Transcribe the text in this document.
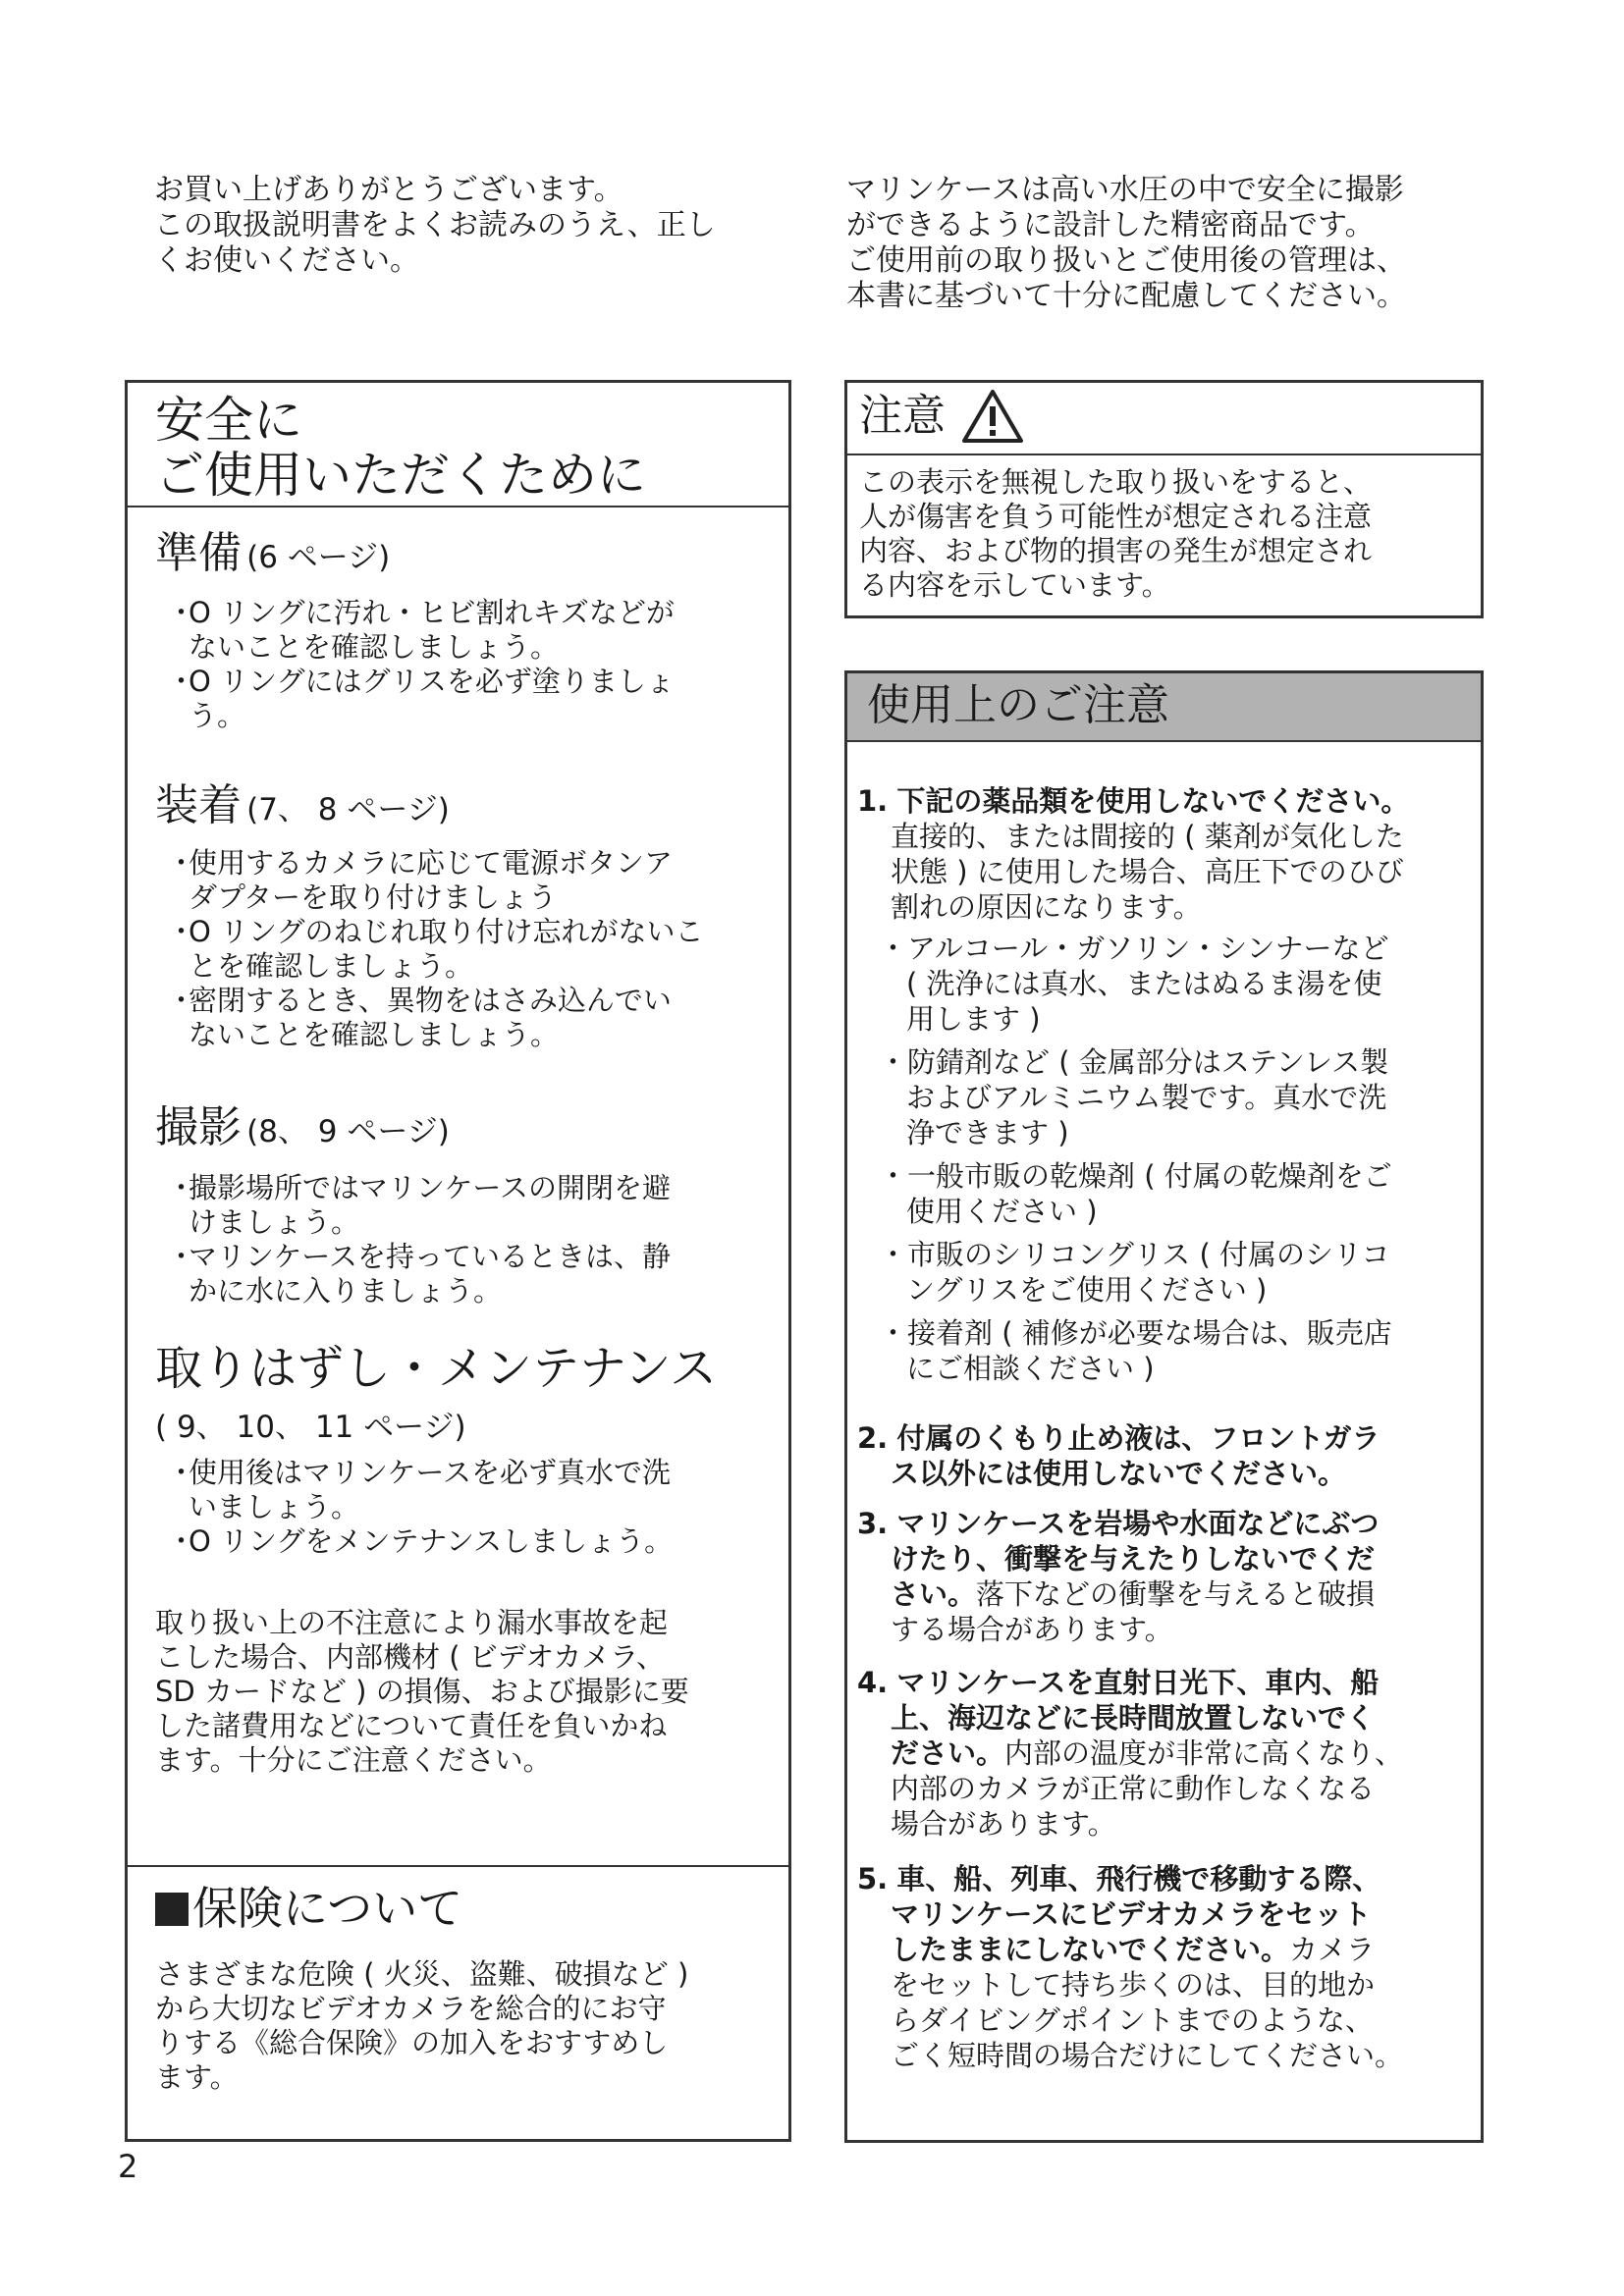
お買い上げありがとうございます。
この取扱説明書をよくお読みのうえ、正し
くお使いください。
マリンケースは高い水圧の中で安全に撮影
ができるように設計した精密商品です。
ご使用前の取り扱いとご使用後の管理は、
本書に基づいて十分に配慮してください。
安全に
ご使用いただくために
準備 (6 ページ)
・
O リングに汚れ・ヒビ割れキズなどが
ないことを確認しましょう。
・
O リングにはグリスを必ず塗りましょ
う。
装着 (7、 8 ページ)
・
使用するカメラに応じて電源ボタンア
ダプターを取り付けましょう
・
O リングのねじれ取り付け忘れがないこ
とを確認しましょう。
・
密閉するとき、異物をはさみ込んでい
ないことを確認しましょう。
撮影 (8、 9 ページ)
・
撮影場所ではマリンケースの開閉を避
けましょう。
・
マリンケースを持っているときは、静
かに水に入りましょう。
取りはずし・メンテナンス
( 9、 10、 11 ページ)
・
使用後はマリンケースを必ず真水で洗
いましょう。
・
O リングをメンテナンスしましょう。
取り扱い上の不注意により漏水事故を起
こした場合、内部機材 ( ビデオカメラ、
SD カードなど ) の損傷、および撮影に要
した諸費用などについて責任を負いかね
ます。十分にご注意ください。
保険について
さまざまな危険 ( 火災、盗難、破損など )
から大切なビデオカメラを総合的にお守
りする《総合保険》の加入をおすすめし
ます。
注意
この表示を無視した取り扱いをすると、
人が傷害を負う可能性が想定される注意
内容、および物的損害の発生が想定され
る内容を示しています。
使用上のご注意
1. 下記の薬品類を使用しないでください。
直接的、または間接的 ( 薬剤が気化した
状態 ) に使用した場合、高圧下でのひび
割れの原因になります。
・アルコール・ガソリン・シンナーなど
( 洗浄には真水、またはぬるま湯を使
用します )
・防錆剤など ( 金属部分はステンレス製
およびアルミニウム製です。真水で洗
浄できます )
・一般市販の乾燥剤 ( 付属の乾燥剤をご
使用ください )
・市販のシリコングリス ( 付属のシリコ
ングリスをご使用ください )
・接着剤 ( 補修が必要な場合は、販売店
にご相談ください )
2. 付属のくもり止め液は、フロントガラ
ス以外には使用しないでください。
3. マリンケースを岩場や水面などにぶつ
けたり、衝撃を与えたりしないでくだ
さい。落下などの衝撃を与えると破損
する場合があります。
4. マリンケースを直射日光下、車内、船
上、海辺などに長時間放置しないでく
ださい。内部の温度が非常に高くなり、
内部のカメラが正常に動作しなくなる
場合があります。
5. 車、船、列車、飛行機で移動する際、
マリンケースにビデオカメラをセット
したままにしないでください。カメラ
をセットして持ち歩くのは、目的地か
らダイビングポイントまでのような、
ごく短時間の場合だけにしてください。
2
